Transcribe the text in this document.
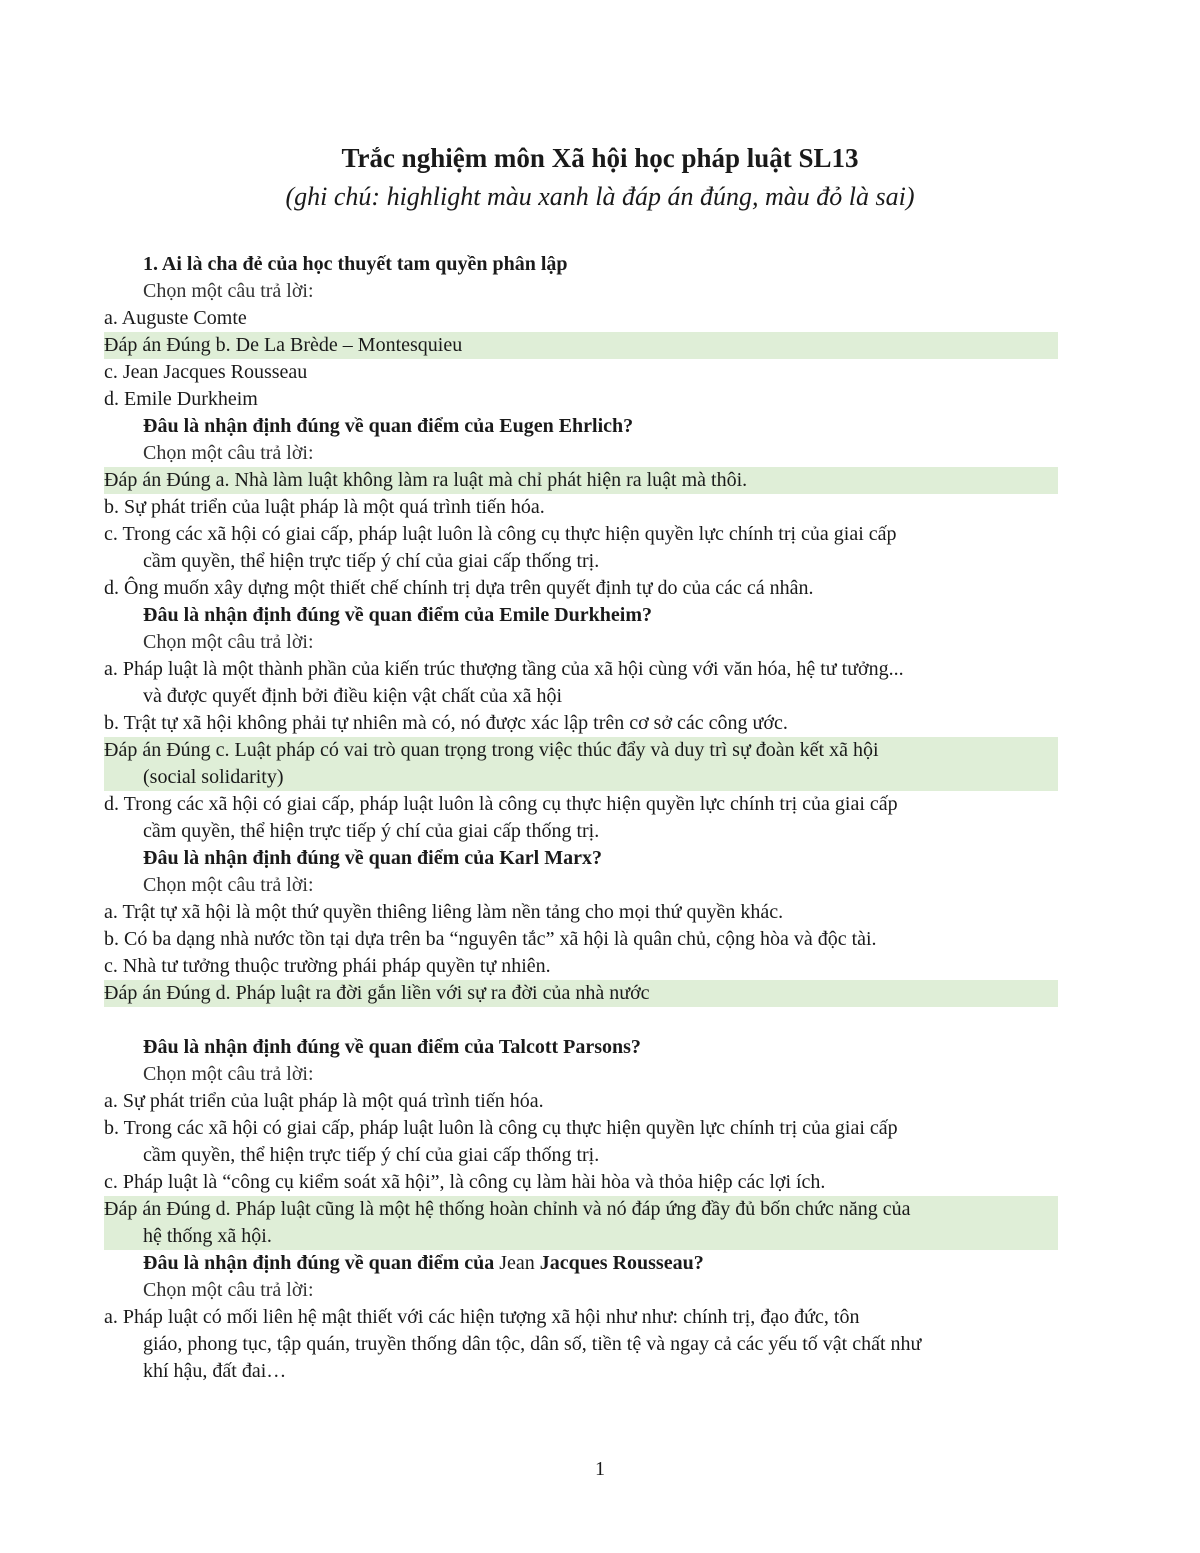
Trắc nghiệm môn Xã hội học pháp luật SL13
(ghi chú: highlight màu xanh là đáp án đúng, màu đỏ là sai)
1. Ai là cha đẻ của học thuyết tam quyền phân lập
Chọn một câu trả lời:
a. Auguste Comte
Đáp án Đúng b. De La Brède – Montesquieu
c. Jean Jacques Rousseau
d. Emile Durkheim
Đâu là nhận định đúng về quan điểm của Eugen Ehrlich?
Chọn một câu trả lời:
Đáp án Đúng a. Nhà làm luật không làm ra luật mà chỉ phát hiện ra luật mà thôi.
b. Sự phát triển của luật pháp là một quá trình tiến hóa.
c. Trong các xã hội có giai cấp, pháp luật luôn là công cụ thực hiện quyền lực chính trị của giai cấp
cầm quyền, thể hiện trực tiếp ý chí của giai cấp thống trị.
d. Ông muốn xây dựng một thiết chế chính trị dựa trên quyết định tự do của các cá nhân.
Đâu là nhận định đúng về quan điểm của Emile Durkheim?
Chọn một câu trả lời:
a. Pháp luật là một thành phần của kiến trúc thượng tầng của xã hội cùng với văn hóa, hệ tư tưởng...
và được quyết định bởi điều kiện vật chất của xã hội
b. Trật tự xã hội không phải tự nhiên mà có, nó được xác lập trên cơ sở các công ước.
Đáp án Đúng c. Luật pháp có vai trò quan trọng trong việc thúc đẩy và duy trì sự đoàn kết xã hội
(social solidarity)
d. Trong các xã hội có giai cấp, pháp luật luôn là công cụ thực hiện quyền lực chính trị của giai cấp
cầm quyền, thể hiện trực tiếp ý chí của giai cấp thống trị.
Đâu là nhận định đúng về quan điểm của Karl Marx?
Chọn một câu trả lời:
a. Trật tự xã hội là một thứ quyền thiêng liêng làm nền tảng cho mọi thứ quyền khác.
b. Có ba dạng nhà nước tồn tại dựa trên ba “nguyên tắc” xã hội là quân chủ, cộng hòa và độc tài.
c. Nhà tư tưởng thuộc trường phái pháp quyền tự nhiên.
Đáp án Đúng d. Pháp luật ra đời gắn liền với sự ra đời của nhà nước
Đâu là nhận định đúng về quan điểm của Talcott Parsons?
Chọn một câu trả lời:
a. Sự phát triển của luật pháp là một quá trình tiến hóa.
b. Trong các xã hội có giai cấp, pháp luật luôn là công cụ thực hiện quyền lực chính trị của giai cấp
cầm quyền, thể hiện trực tiếp ý chí của giai cấp thống trị.
c. Pháp luật là “công cụ kiểm soát xã hội”, là công cụ làm hài hòa và thỏa hiệp các lợi ích.
Đáp án Đúng d. Pháp luật cũng là một hệ thống hoàn chỉnh và nó đáp ứng đầy đủ bốn chức năng của
hệ thống xã hội.
Đâu là nhận định đúng về quan điểm của Jean Jacques Rousseau?
Chọn một câu trả lời:
a. Pháp luật có mối liên hệ mật thiết với các hiện tượng xã hội như như: chính trị, đạo đức, tôn
giáo, phong tục, tập quán, truyền thống dân tộc, dân số, tiền tệ và ngay cả các yếu tố vật chất như
khí hậu, đất đai…
1
